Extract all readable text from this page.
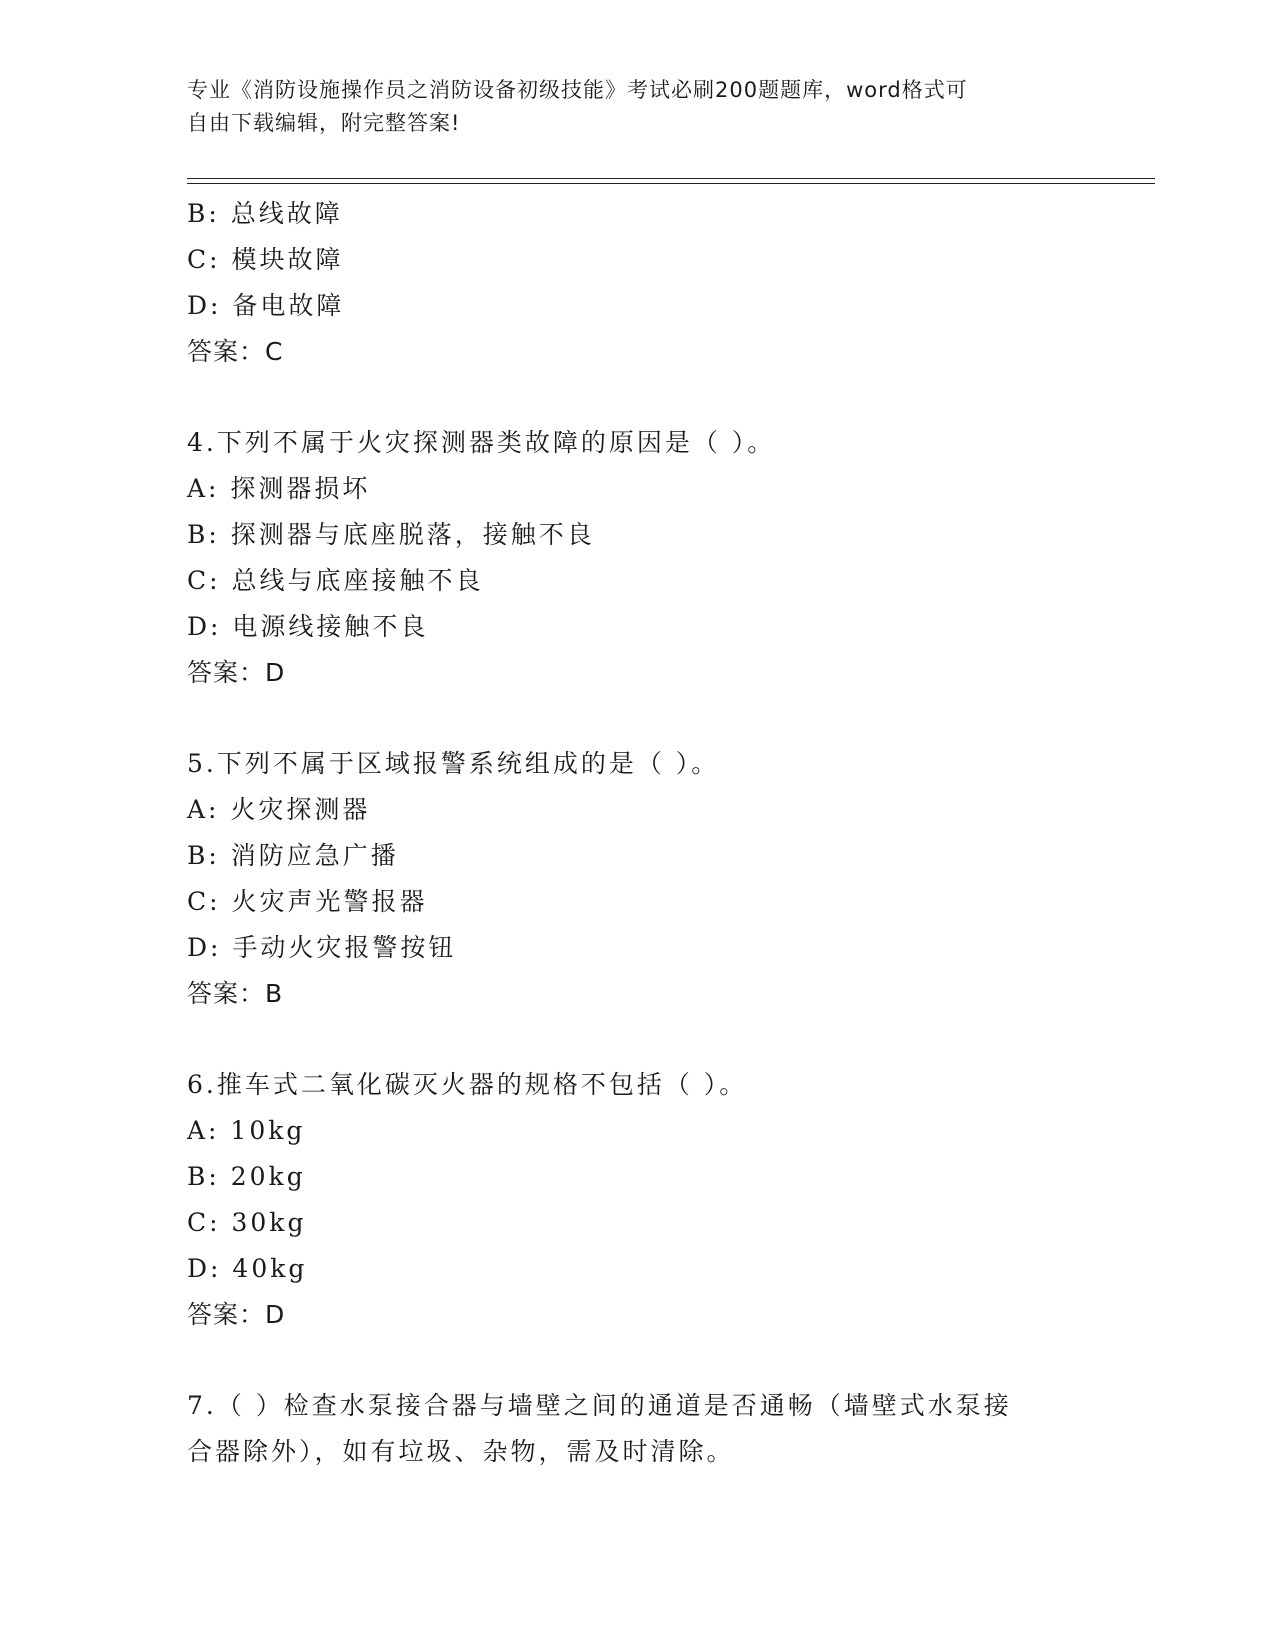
专业《消防设施操作员之消防设备初级技能》考试必刷200题题库，word格式可
自由下载编辑，附完整答案!
B: 总线故障
C: 模块故障
D: 备电故障
答案：C
4.下列不属于火灾探测器类故障的原因是（ ）。
A: 探测器损坏
B: 探测器与底座脱落，接触不良
C: 总线与底座接触不良
D: 电源线接触不良
答案：D
5.下列不属于区域报警系统组成的是（ ）。
A: 火灾探测器
B: 消防应急广播
C: 火灾声光警报器
D: 手动火灾报警按钮
答案：B
6.推车式二氧化碳灭火器的规格不包括（ ）。
A: 10kg
B: 20kg
C: 30kg
D: 40kg
答案：D
7.（ ）检查水泵接合器与墙壁之间的通道是否通畅（墙壁式水泵接
合器除外），如有垃圾、杂物，需及时清除。
